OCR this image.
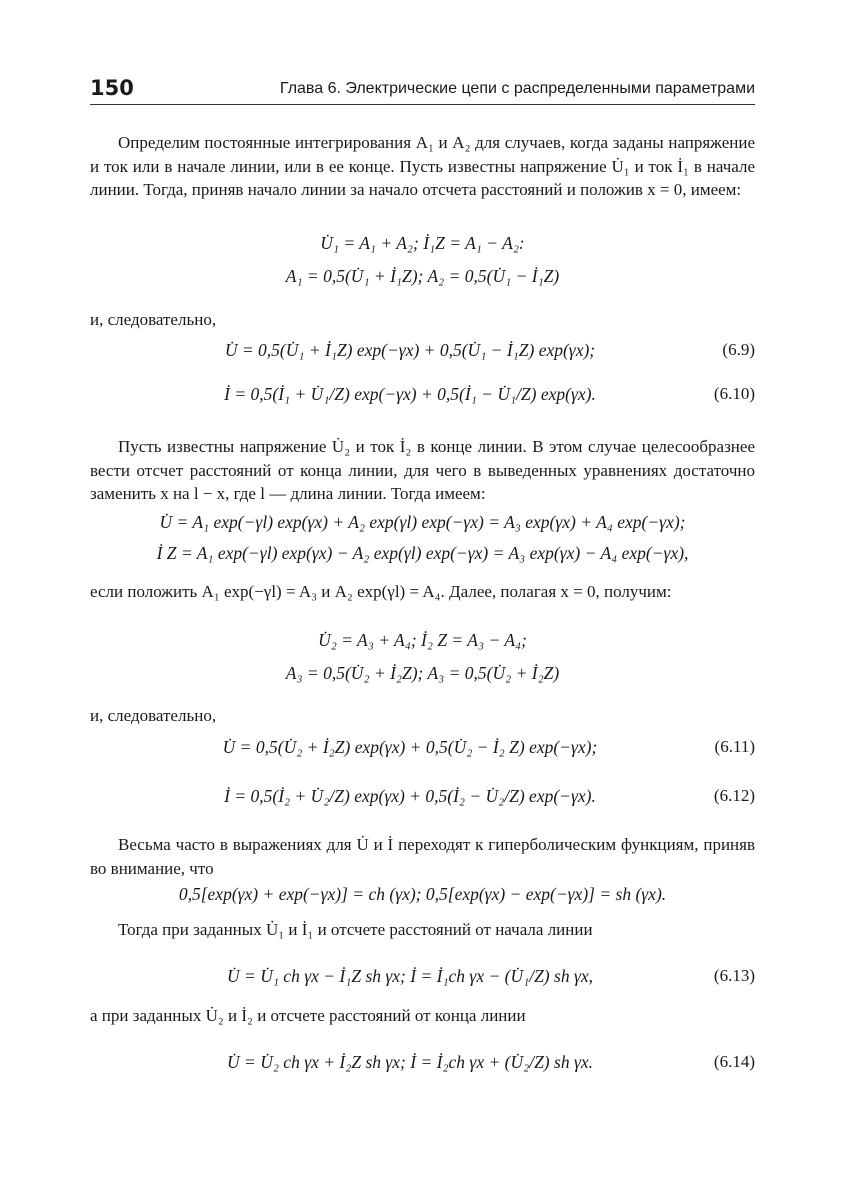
150	Глава 6. Электрические цепи с распределенными параметрами
Определим постоянные интегрирования A₁ и A₂ для случаев, когда заданы напряжение и ток или в начале линии, или в ее конце. Пусть известны напряжение U̇₁ и ток İ₁ в начале линии. Тогда, приняв начало линии за начало отсчета расстояний и положив x = 0, имеем:
U̇₁ = A₁ + A₂; İ₁Z = A₁ − A₂:
A₁ = 0,5(U̇₁ + İ₁Z); A₂ = 0,5(U̇₁ − İ₁Z)
и, следовательно,
U̇ = 0,5(U̇₁ + İ₁Z) exp(−γx) + 0,5(U̇₁ − İ₁Z) exp(γx);	(6.9)
İ = 0,5(İ₁ + U̇₁/Z) exp(−γx) + 0,5(İ₁ − U̇₁/Z) exp(γx).	(6.10)
Пусть известны напряжение U̇₂ и ток İ₂ в конце линии. В этом случае целесообразнее вести отсчет расстояний от конца линии, для чего в выведенных уравнениях достаточно заменить x на l − x, где l — длина линии. Тогда имеем:
U̇ = A₁ exp(−γl) exp(γx) + A₂ exp(γl) exp(−γx) = A₃ exp(γx) + A₄ exp(−γx);
İ Z = A₁ exp(−γl) exp(γx) − A₂ exp(γl) exp(−γx) = A₃ exp(γx) − A₄ exp(−γx),
если положить A₁ exp(−γl) = A₃ и A₂ exp(γl) = A₄. Далее, полагая x = 0, получим:
U̇₂ = A₃ + A₄; İ₂ Z = A₃ − A₄;
A₃ = 0,5(U̇₂ + İ₂Z); A₃ = 0,5(U̇₂ + İ₂Z)
и, следовательно,
U̇ = 0,5(U̇₂ + İ₂Z) exp(γx) + 0,5(U̇₂ − İ₂ Z) exp(−γx);	(6.11)
İ = 0,5(İ₂ + U̇₂/Z) exp(γx) + 0,5(İ₂ − U̇₂/Z) exp(−γx).	(6.12)
Весьма часто в выражениях для U̇ и İ переходят к гиперболическим функциям, приняв во внимание, что
0,5[exp(γx) + exp(−γx)] = ch (γx); 0,5[exp(γx) − exp(−γx)] = sh (γx).
Тогда при заданных U̇₁ и İ₁ и отсчете расстояний от начала линии
U̇ = U̇₁ ch γx − İ₁Z sh γx; İ = İ₁ch γx − (U̇₁/Z) sh γx,	(6.13)
а при заданных U̇₂ и İ₂ и отсчете расстояний от конца линии
U̇ = U̇₂ ch γx + İ₂Z sh γx; İ = İ₂ch γx + (U̇₂/Z) sh γx.	(6.14)
